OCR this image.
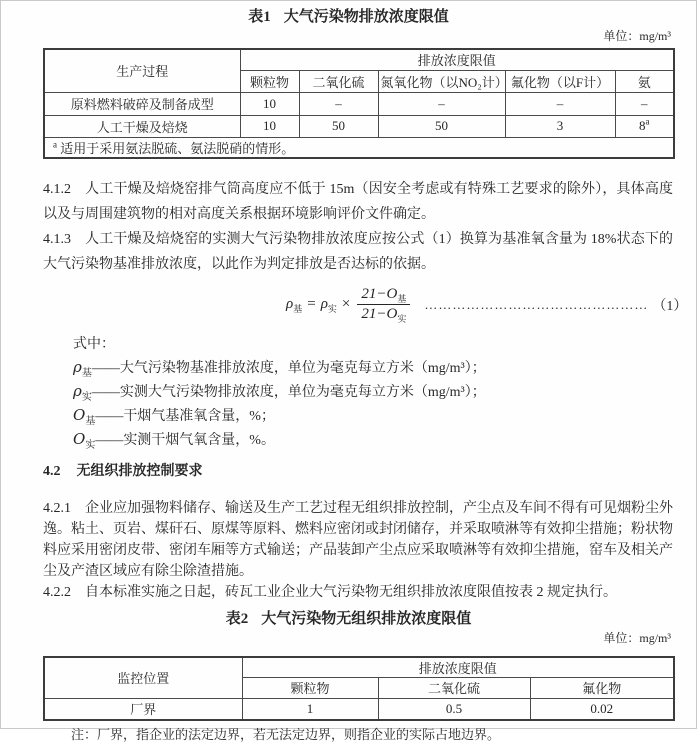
表1 大气污染物排放浓度限值
单位：mg/m³
生产过程	排放浓度限值				
	颗粒物	二氧化硫	氮氧化物（以NO₂计）	氟化物（以F计）	氨
原料燃料破碎及制备成型	10	–	–	–	–
人工干燥及焙烧	10	50	50	3	8$^a$
$^a$ 适用于采用氨法脱硫、氨法脱硝的情形。					

4.1.2 人工干燥及焙烧窑排气筒高度应不低于 15m（因安全考虑或有特殊工艺要求的除外），具体高度以及与周围建筑物的相对高度关系根据环境影响评价文件确定。

4.1.3 人工干燥及焙烧窑的实测大气污染物排放浓度应按公式（1）换算为基准氧含量为 18%状态下的大气污染物基准排放浓度，以此作为判定排放是否达标的依据。

$\rho_基 = \rho_实 \times \frac{21-O_基}{21-O_实}$ ………………………………………… （1）
式中：
$\rho_基——$大气污染物基准排放浓度，单位为毫克每立方米（mg/m³）；
$\rho_实——$实测大气污染物排放浓度，单位为毫克每立方米（mg/m³）；
$O_基——$干烟气基准氧含量，%；
$O_实——$实测干烟气氧含量，%。
4.2 无组织排放控制要求

4.2.1 企业应加强物料储存、输送及生产工艺过程无组织排放控制，产尘点及车间不得有可见烟粉尘外逸。粘土、页岩、煤矸石、原煤等原料、燃料应密闭或封闭储存，并采取喷淋等有效抑尘措施；粉状物料应采用密闭皮带、密闭车厢等方式输送；产品装卸产尘点应采取喷淋等有效抑尘措施，窑车及相关产尘及产渣区域应有除尘除渣措施。

4.2.2 自本标准实施之日起，砖瓦工业企业大气污染物无组织排放浓度限值按表 2 规定执行。

表2 大气污染物无组织排放浓度限值
单位：mg/m³
监控位置	排放浓度限值		
	颗粒物	二氧化硫	氟化物
厂界	1	0.5	0.02
注：厂界，指企业的法定边界，若无法定边界，则指企业的实际占地边界。
